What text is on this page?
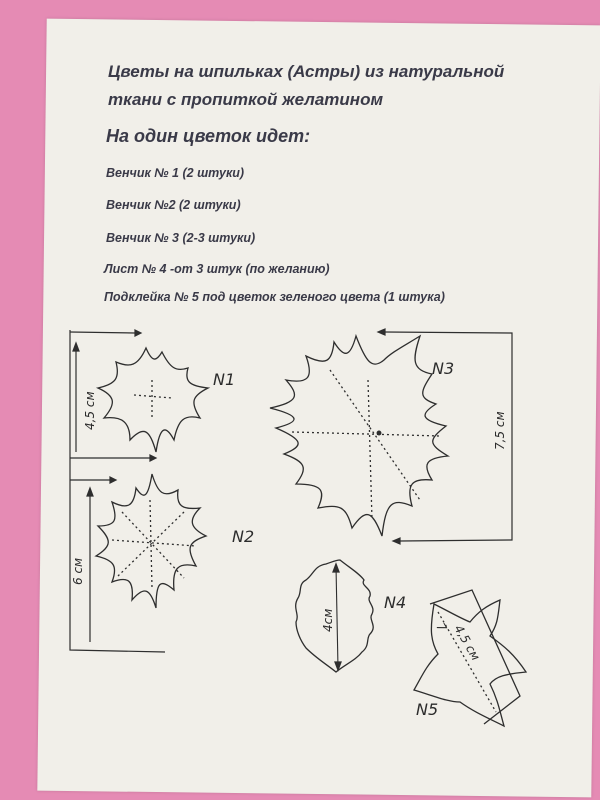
Цветы на шпильках (Астры) из натуральной

ткани с пропиткой желатином

На один цветок идет:

Венчик № 1 (2 штуки)

Венчик №2 (2 штуки)

Венчик № 3 (2-3 штуки)

Лист № 4 -от 3 штук (по желанию)

Подклейка № 5 под цветок зеленого цвета (1 штука)

N1
4,5 см
N2
6 см
N3
7,5 см
N4
4см
N5
4,5 см
7
